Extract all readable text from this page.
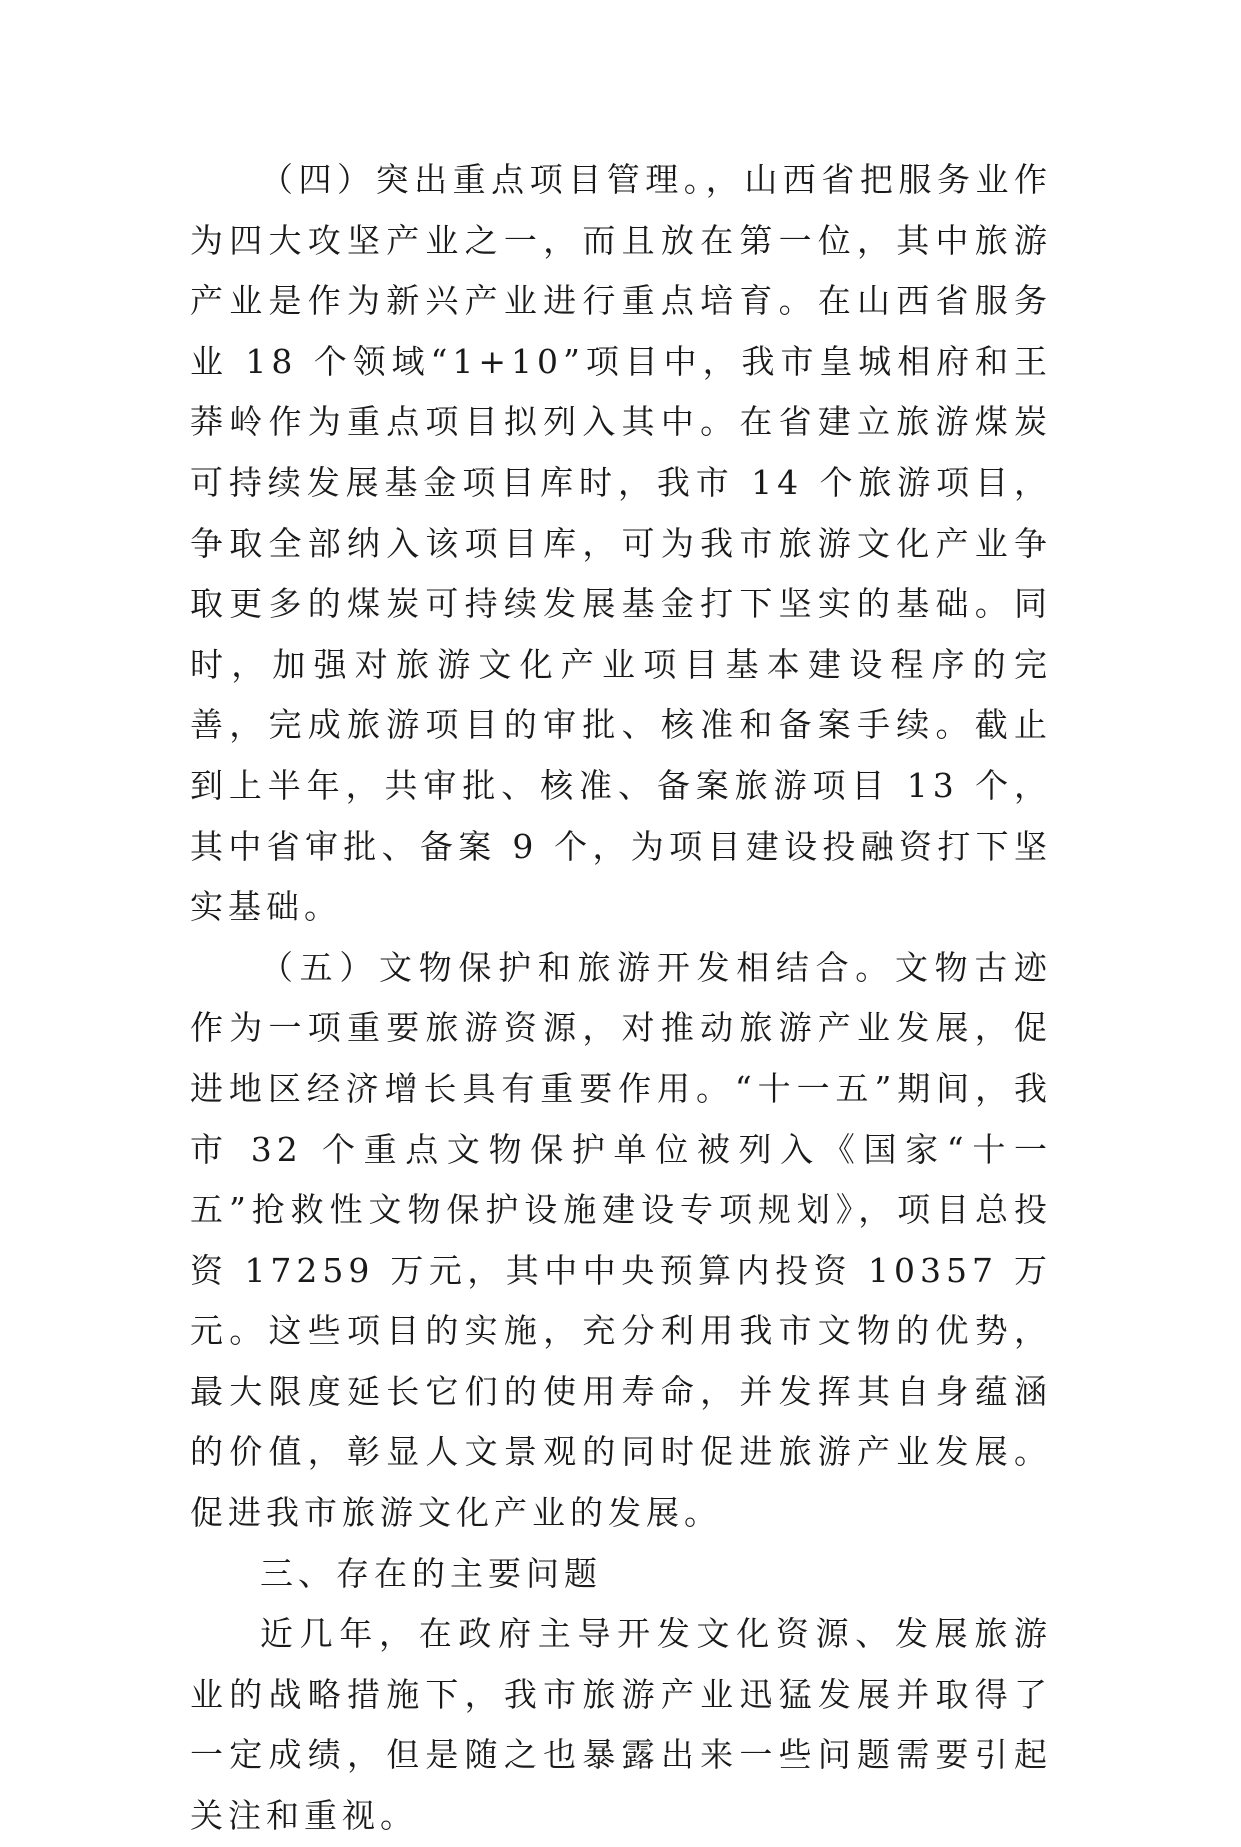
（四）突出重点项目管理。，山西省把服务业作为四大攻坚产业之一，而且放在第一位，其中旅游产业是作为新兴产业进行重点培育。在山西省服务业 18 个领域“1+10”项目中，我市皇城相府和王莽岭作为重点项目拟列入其中。在省建立旅游煤炭可持续发展基金项目库时，我市 14 个旅游项目，争取全部纳入该项目库，可为我市旅游文化产业争取更多的煤炭可持续发展基金打下坚实的基础。同时，加强对旅游文化产业项目基本建设程序的完善，完成旅游项目的审批、核准和备案手续。截止到上半年，共审批、核准、备案旅游项目 13 个，其中省审批、备案 9 个，为项目建设投融资打下坚实基础。

（五）文物保护和旅游开发相结合。文物古迹作为一项重要旅游资源，对推动旅游产业发展，促进地区经济增长具有重要作用。“十一五”期间，我市 32 个重点文物保护单位被列入《国家“十一五”抢救性文物保护设施建设专项规划》，项目总投资 17259 万元，其中中央预算内投资 10357 万元。这些项目的实施，充分利用我市文物的优势，最大限度延长它们的使用寿命，并发挥其自身蕴涵的价值，彰显人文景观的同时促进旅游产业发展。促进我市旅游文化产业的发展。

三、存在的主要问题

近几年，在政府主导开发文化资源、发展旅游业的战略措施下，我市旅游产业迅猛发展并取得了一定成绩，但是随之也暴露出来一些问题需要引起关注和重视。
